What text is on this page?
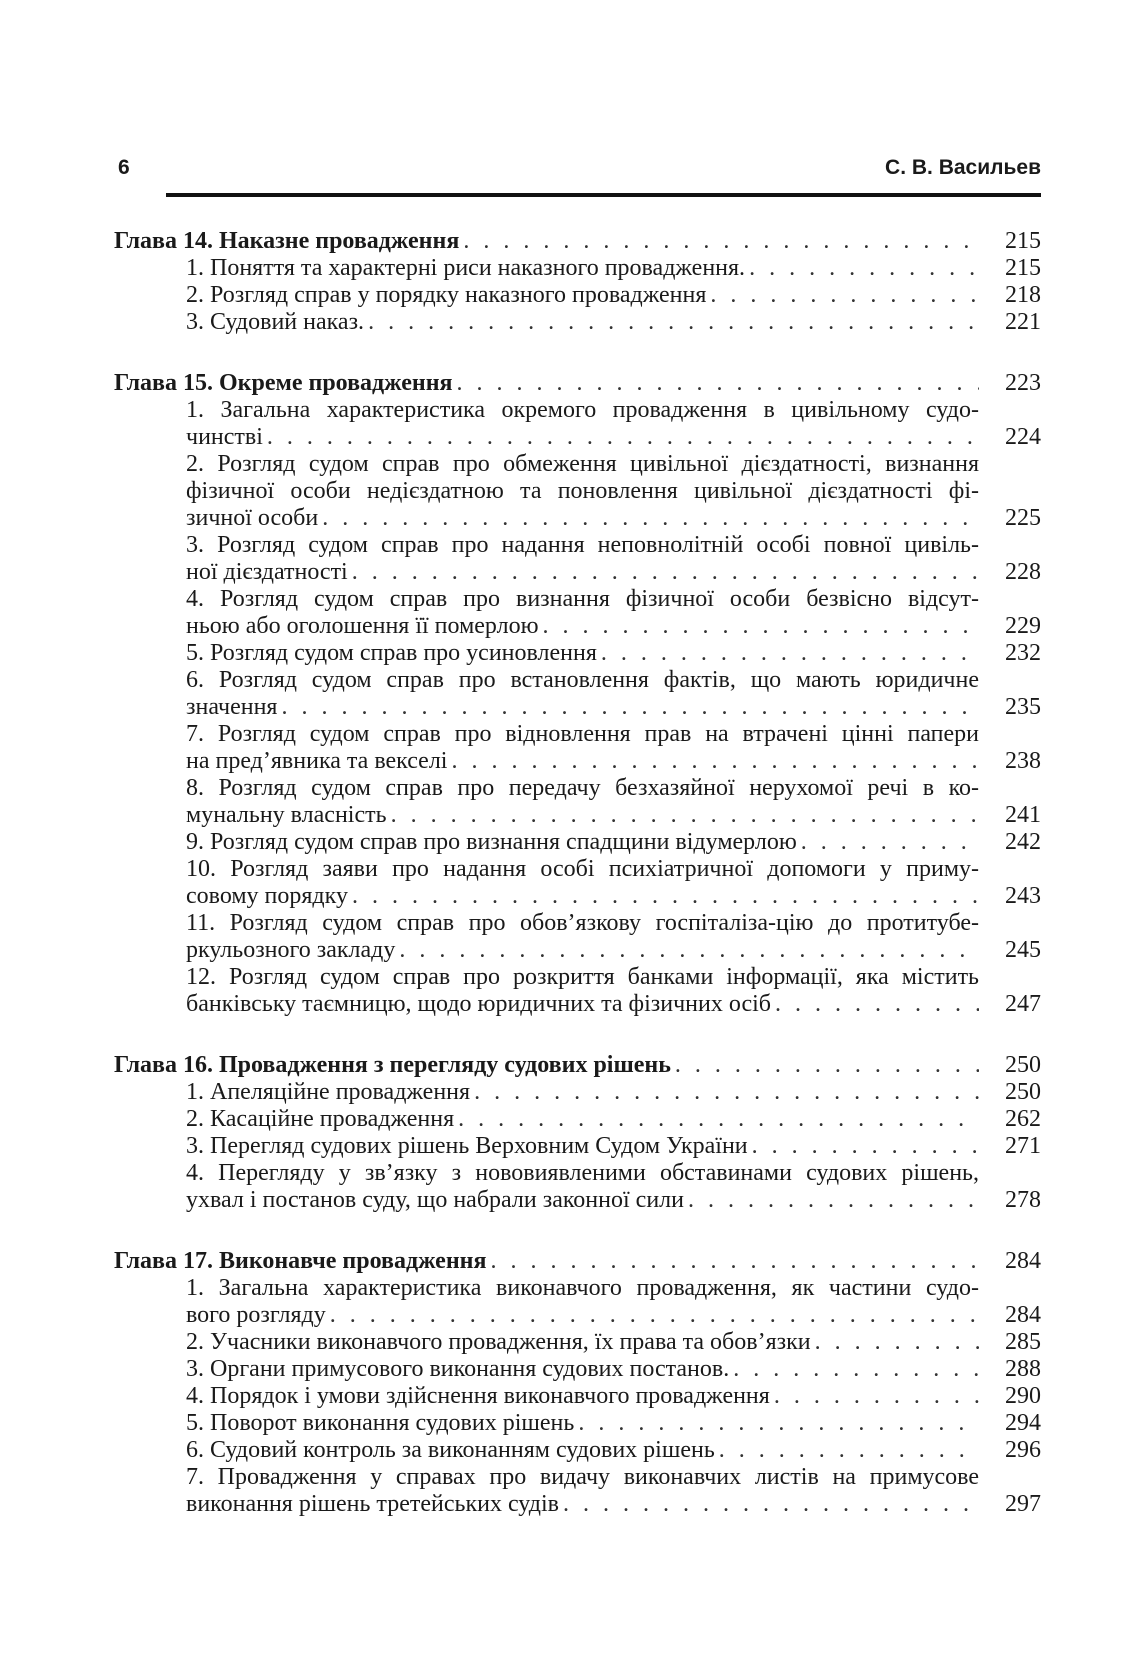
6	С. В. Васильев
Глава 14. Наказне провадження . . .	215
1. Поняття та характерні риси наказного провадження. . . .	215
2. Розгляд справ у порядку наказного провадження . . .	218
3. Судовий наказ. . . .	221
Глава 15. Окреме провадження . . .	223
1. Загальна характеристика окремого провадження в цивільному судо-
чинстві . . .	224
2. Розгляд судом справ про обмеження цивільної дієздатності, визнання
фізичної особи недієздатною та поновлення цивільної дієздатності фі-
зичної особи . . .	225
3. Розгляд судом справ про надання неповнолітній особі повної цивіль-
ної дієздатності . . .	228
4. Розгляд судом справ про визнання фізичної особи безвісно відсут-
ньою або оголошення її померлою . . .	229
5. Розгляд судом справ про усиновлення . . .	232
6. Розгляд судом справ про встановлення фактів, що мають юридичне
значення . . .	235
7. Розгляд судом справ про відновлення прав на втрачені цінні папери
на пред’явника та векселі . . .	238
8. Розгляд судом справ про передачу безхазяйної нерухомої речі в ко-
мунальну власність . . .	241
9. Розгляд судом справ про визнання спадщини відумерлою . . .	242
10. Розгляд заяви про надання особі психіатричної допомоги у приму-
совому порядку . . .	243
11. Розгляд судом справ про обов’язкову госпіталіза-цію до протитубе-
ркульозного закладу . . .	245
12. Розгляд судом справ про розкриття банками інформації, яка містить
банківську таємницю, щодо юридичних та фізичних осіб . . .	247
Глава 16. Провадження з перегляду судових рішень . . .	250
1. Апеляційне провадження . . .	250
2. Касаційне провадження . . .	262
3. Перегляд судових рішень Верховним Судом України . . .	271
4. Перегляду у зв’язку з нововиявленими обставинами судових рішень,
ухвал і постанов суду, що набрали законної сили . . .	278
Глава 17. Виконавче провадження . . .	284
1. Загальна характеристика виконавчого провадження, як частини судо-
вого розгляду . . .	284
2. Учасники виконавчого провадження, їх права та обов’язки . . .	285
3. Органи примусового виконання судових постанов. . . .	288
4. Порядок і умови здійснення виконавчого провадження . . .	290
5. Поворот виконання судових рішень . . .	294
6. Судовий контроль за виконанням судових рішень . . .	296
7. Провадження у справах про видачу виконавчих листів на примусове
виконання рішень третейських судів . . .	297
